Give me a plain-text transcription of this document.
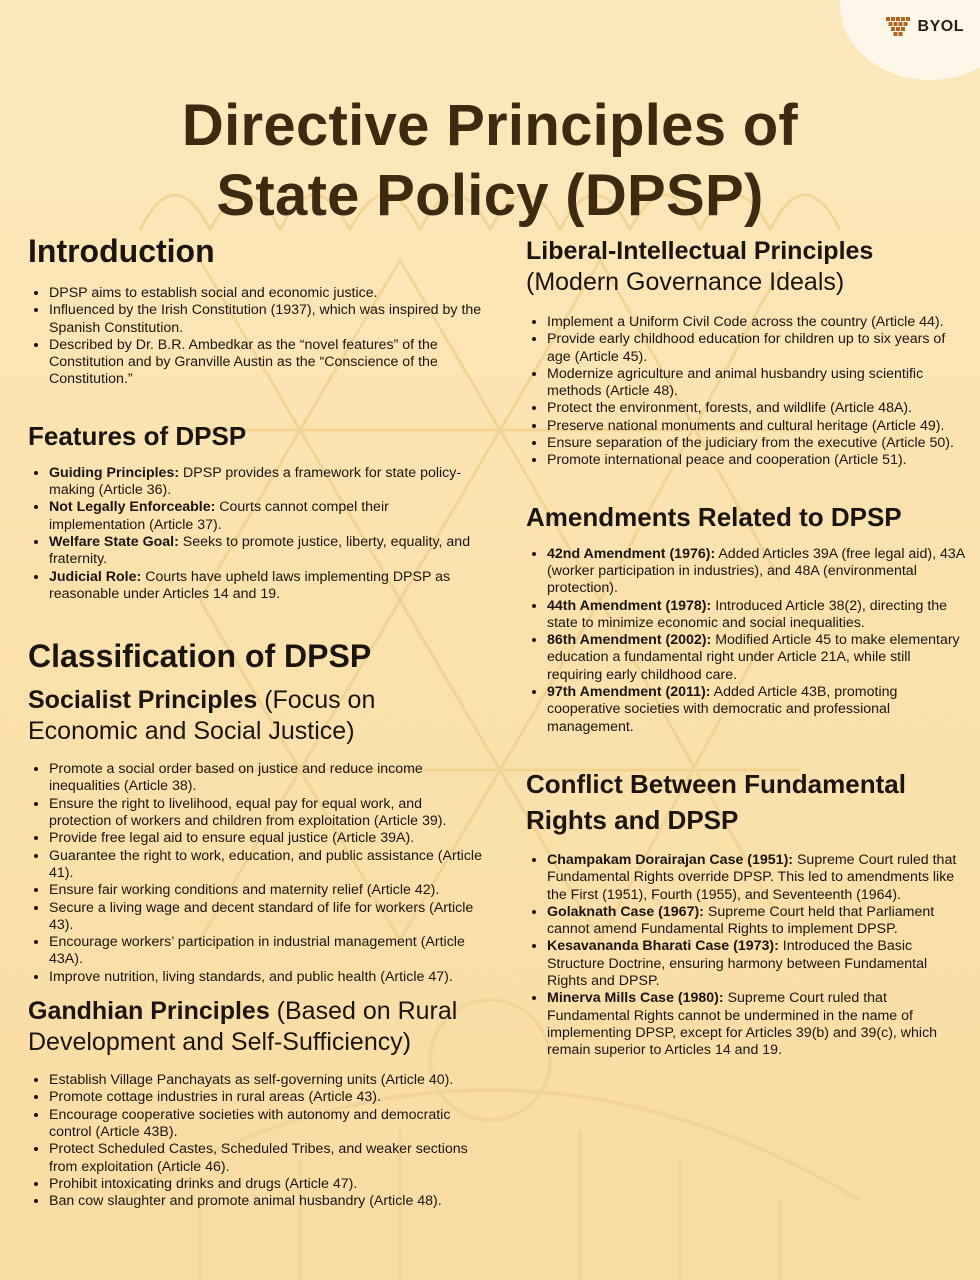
BYOL
Directive Principles of
State Policy (DPSP)
Introduction
• DPSP aims to establish social and economic justice.
• Influenced by the Irish Constitution (1937), which was inspired by the Spanish Constitution.
• Described by Dr. B.R. Ambedkar as the “novel features” of the Constitution and by Granville Austin as the “Conscience of the Constitution.”
Features of DPSP
• Guiding Principles: DPSP provides a framework for state policy-making (Article 36).
• Not Legally Enforceable: Courts cannot compel their implementation (Article 37).
• Welfare State Goal: Seeks to promote justice, liberty, equality, and fraternity.
• Judicial Role: Courts have upheld laws implementing DPSP as reasonable under Articles 14 and 19.
Classification of DPSP
Socialist Principles (Focus on Economic and Social Justice)
• Promote a social order based on justice and reduce income inequalities (Article 38).
• Ensure the right to livelihood, equal pay for equal work, and protection of workers and children from exploitation (Article 39).
• Provide free legal aid to ensure equal justice (Article 39A).
• Guarantee the right to work, education, and public assistance (Article 41).
• Ensure fair working conditions and maternity relief (Article 42).
• Secure a living wage and decent standard of life for workers (Article 43).
• Encourage workers’ participation in industrial management (Article 43A).
• Improve nutrition, living standards, and public health (Article 47).
Gandhian Principles (Based on Rural Development and Self-Sufficiency)
• Establish Village Panchayats as self-governing units (Article 40).
• Promote cottage industries in rural areas (Article 43).
• Encourage cooperative societies with autonomy and democratic control (Article 43B).
• Protect Scheduled Castes, Scheduled Tribes, and weaker sections from exploitation (Article 46).
• Prohibit intoxicating drinks and drugs (Article 47).
• Ban cow slaughter and promote animal husbandry (Article 48).
Liberal-Intellectual Principles
(Modern Governance Ideals)
• Implement a Uniform Civil Code across the country (Article 44).
• Provide early childhood education for children up to six years of age (Article 45).
• Modernize agriculture and animal husbandry using scientific methods (Article 48).
• Protect the environment, forests, and wildlife (Article 48A).
• Preserve national monuments and cultural heritage (Article 49).
• Ensure separation of the judiciary from the executive (Article 50).
• Promote international peace and cooperation (Article 51).
Amendments Related to DPSP
• 42nd Amendment (1976): Added Articles 39A (free legal aid), 43A (worker participation in industries), and 48A (environmental protection).
• 44th Amendment (1978): Introduced Article 38(2), directing the state to minimize economic and social inequalities.
• 86th Amendment (2002): Modified Article 45 to make elementary education a fundamental right under Article 21A, while still requiring early childhood care.
• 97th Amendment (2011): Added Article 43B, promoting cooperative societies with democratic and professional management.
Conflict Between Fundamental Rights and DPSP
• Champakam Dorairajan Case (1951): Supreme Court ruled that Fundamental Rights override DPSP. This led to amendments like the First (1951), Fourth (1955), and Seventeenth (1964).
• Golaknath Case (1967): Supreme Court held that Parliament cannot amend Fundamental Rights to implement DPSP.
• Kesavananda Bharati Case (1973): Introduced the Basic Structure Doctrine, ensuring harmony between Fundamental Rights and DPSP.
• Minerva Mills Case (1980): Supreme Court ruled that Fundamental Rights cannot be undermined in the name of implementing DPSP, except for Articles 39(b) and 39(c), which remain superior to Articles 14 and 19.
